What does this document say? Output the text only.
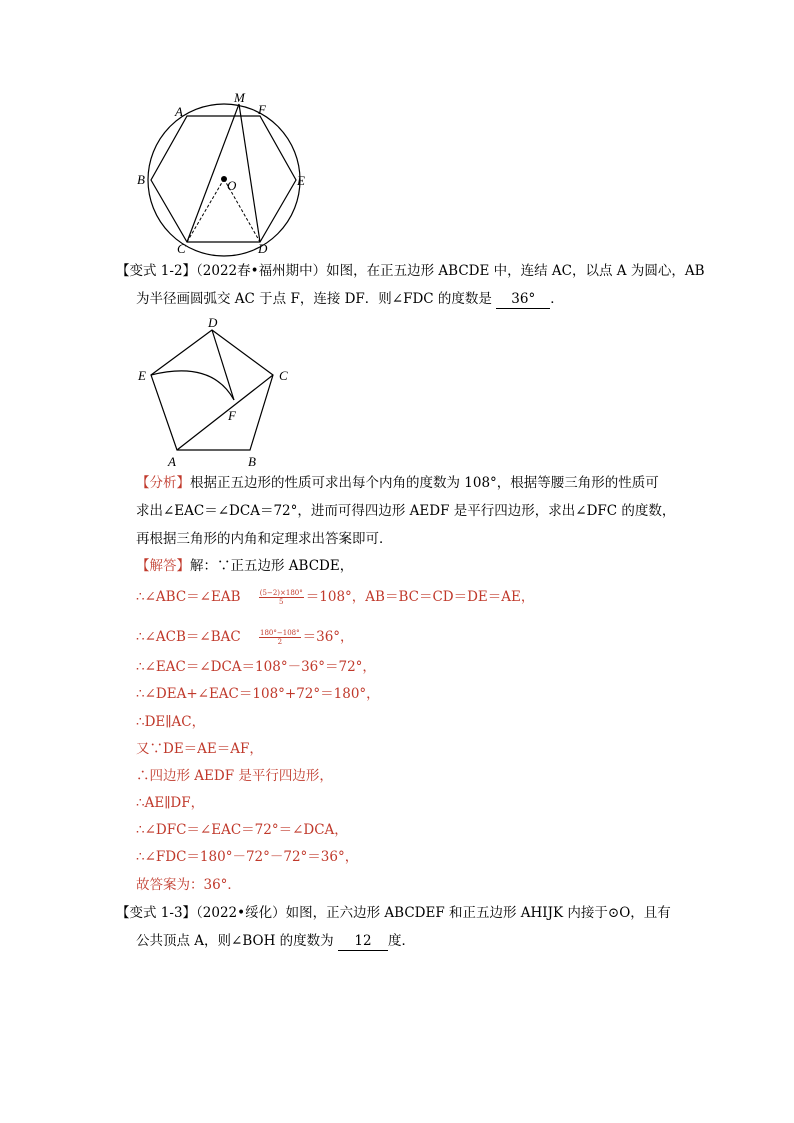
A
M
F
B	O	E
C	D
【变式 1-2】（2022春•福州期中）如图，在正五边形 ABCDE 中，连结 AC，以点 A 为圆心，AB
为半径画圆弧交 AC 于点 F，连接 DF．则∠FDC 的度数是 36° ．
D
E	C
F
A	B
【分析】根据正五边形的性质可求出每个内角的度数为 108°，根据等腰三角形的性质可
求出∠EAC＝∠DCA＝72°，进而可得四边形 AEDF 是平行四边形，求出∠DFC 的度数，
再根据三角形的内角和定理求出答案即可．
【解答】解：∵正五边形 ABCDE，
∴∠ABC＝∠EAB	$\frac{(5-2)\times 180^\circ}{5} =108^\circ$，AB＝BC＝CD＝DE＝AE，
∴∠ACB＝∠BAC	$\frac{180^\circ-108^\circ}{2} =36^\circ$，
∴∠EAC＝∠DCA＝108°－36°＝72°，
∴∠DEA+∠EAC＝108°+72°＝180°，
∴DE∥AC，
又∵DE＝AE＝AF，
∴四边形 AEDF 是平行四边形，
∴AE∥DF，
∴∠DFC＝∠EAC＝72°＝∠DCA，
∴∠FDC＝180°－72°－72°＝36°，
故答案为：36°．
【变式 1-3】（2022•绥化）如图，正六边形 ABCDEF 和正五边形 AHIJK 内接于⊙O，且有
公共顶点 A，则∠BOH 的度数为 12 度．
